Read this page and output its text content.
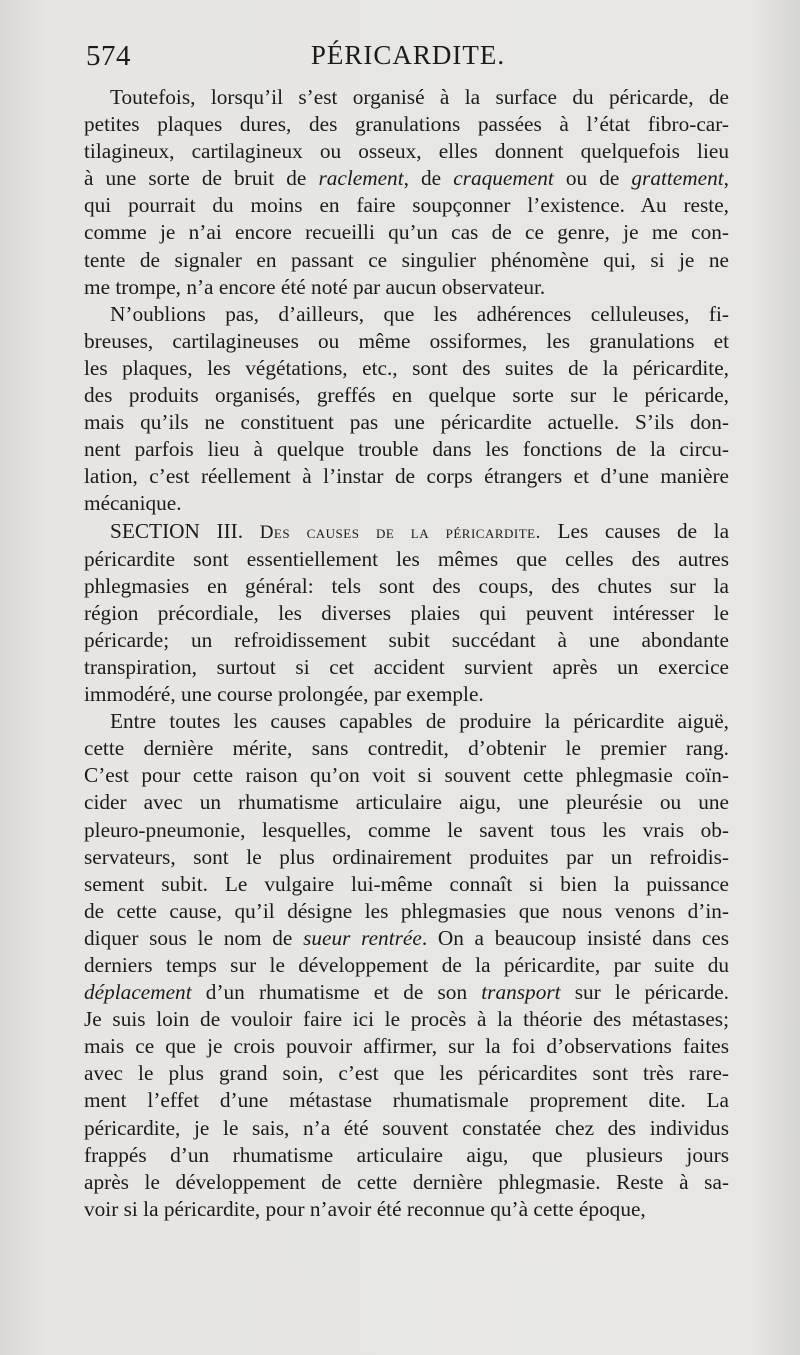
574	PÉRICARDITE.
Toutefois, lorsqu’il s’est organisé à la surface du péricarde, de
petites plaques dures, des granulations passées à l’état fibro-car-
tilagineux, cartilagineux ou osseux, elles donnent quelquefois lieu
à une sorte de bruit de raclement, de craquement ou de grattement,
qui pourrait du moins en faire soupçonner l’existence. Au reste,
comme je n’ai encore recueilli qu’un cas de ce genre, je me con-
tente de signaler en passant ce singulier phénomène qui, si je ne
me trompe, n’a encore été noté par aucun observateur.
N’oublions pas, d’ailleurs, que les adhérences celluleuses, fi-
breuses, cartilagineuses ou même ossiformes, les granulations et
les plaques, les végétations, etc., sont des suites de la péricardite,
des produits organisés, greffés en quelque sorte sur le péricarde,
mais qu’ils ne constituent pas une péricardite actuelle. S’ils don-
nent parfois lieu à quelque trouble dans les fonctions de la circu-
lation, c’est réellement à l’instar de corps étrangers et d’une manière
mécanique.
SECTION III. Des causes de la péricardite. Les causes de la
péricardite sont essentiellement les mêmes que celles des autres
phlegmasies en général: tels sont des coups, des chutes sur la
région précordiale, les diverses plaies qui peuvent intéresser le
péricarde; un refroidissement subit succédant à une abondante
transpiration, surtout si cet accident survient après un exercice
immodéré, une course prolongée, par exemple.
Entre toutes les causes capables de produire la péricardite aiguë,
cette dernière mérite, sans contredit, d’obtenir le premier rang.
C’est pour cette raison qu’on voit si souvent cette phlegmasie coïn-
cider avec un rhumatisme articulaire aigu, une pleurésie ou une
pleuro-pneumonie, lesquelles, comme le savent tous les vrais ob-
servateurs, sont le plus ordinairement produites par un refroidis-
sement subit. Le vulgaire lui-même connaît si bien la puissance
de cette cause, qu’il désigne les phlegmasies que nous venons d’in-
diquer sous le nom de sueur rentrée. On a beaucoup insisté dans ces
derniers temps sur le développement de la péricardite, par suite du
déplacement d’un rhumatisme et de son transport sur le péricarde.
Je suis loin de vouloir faire ici le procès à la théorie des métastases;
mais ce que je crois pouvoir affirmer, sur la foi d’observations faites
avec le plus grand soin, c’est que les péricardites sont très rare-
ment l’effet d’une métastase rhumatismale proprement dite. La
péricardite, je le sais, n’a été souvent constatée chez des individus
frappés d’un rhumatisme articulaire aigu, que plusieurs jours
après le développement de cette dernière phlegmasie. Reste à sa-
voir si la péricardite, pour n’avoir été reconnue qu’à cette époque,
